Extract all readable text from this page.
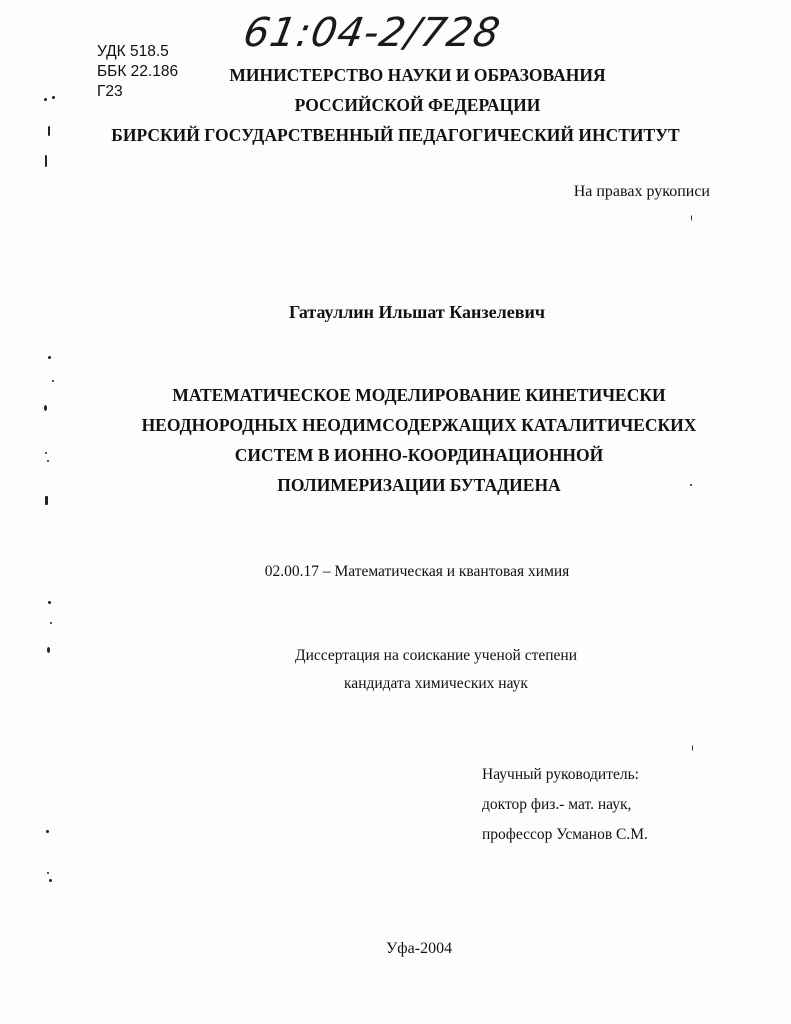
61:04-2/728
УДК 518.5
ББК 22.186
Г23
МИНИСТЕРСТВО НАУКИ И ОБРАЗОВАНИЯ
РОССИЙСКОЙ ФЕДЕРАЦИИ
БИРСКИЙ ГОСУДАРСТВЕННЫЙ ПЕДАГОГИЧЕСКИЙ ИНСТИТУТ
На правах рукописи
Гатауллин Ильшат Канзелевич
МАТЕМАТИЧЕСКОЕ МОДЕЛИРОВАНИЕ КИНЕТИЧЕСКИ
НЕОДНОРОДНЫХ НЕОДИМСОДЕРЖАЩИХ КАТАЛИТИЧЕСКИХ
СИСТЕМ В ИОННО-КООРДИНАЦИОННОЙ
ПОЛИМЕРИЗАЦИИ БУТАДИЕНА
02.00.17 – Математическая и квантовая химия
Диссертация на соискание ученой степени
кандидата химических наук
Научный руководитель:
доктор физ.- мат. наук,
профессор Усманов С.М.
Уфа-2004
